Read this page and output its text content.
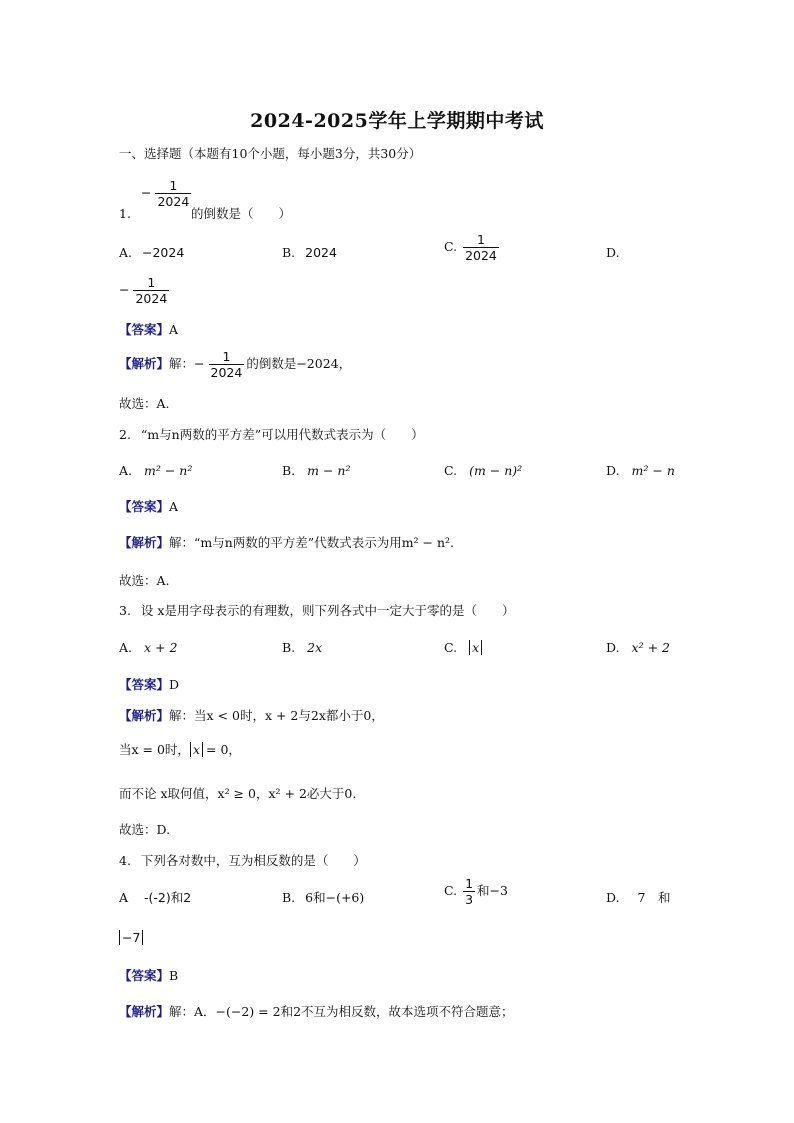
2024-2025学年上学期期中考试
一、选择题（本题有10个小题，每小题3分，共30分）
− $\frac{1}{2024}$
1.	的倒数是（　　）
A. −2024	B. 2024	C. $\frac{1}{2024}$	D.
− $\frac{1}{2024}$
【答案】A
【解析】解：− $\frac{1}{2024}$ 的倒数是−2024，
故选：A.
2. “m与n两数的平方差”可以用代数式表示为（　　）
A. m² − n²	B. m − n²	C. (m − n)²	D. m² − n
【答案】A
【解析】解：“m与n两数的平方差”代数式表示为用m² − n².
故选：A.
3. 设 x是用字母表示的有理数，则下列各式中一定大于零的是（　　）
A. x + 2	B. 2x	C. x	D. x² + 2
【答案】D
【解析】解：当x < 0时，x + 2与2x都小于0，
当x = 0时， x = 0，
而不论 x取何值，x² ≥ 0，x² + 2必大于0.
故选：D.
4. 下列各对数中，互为相反数的是（　　）
A -(-2)和2	B. 6和−(+6)	C. $\frac{1}{3}$ 和−3	D. 7　和
−7
【答案】B
【解析】解：A．−(−2) = 2和2不互为相反数，故本选项不符合题意；
